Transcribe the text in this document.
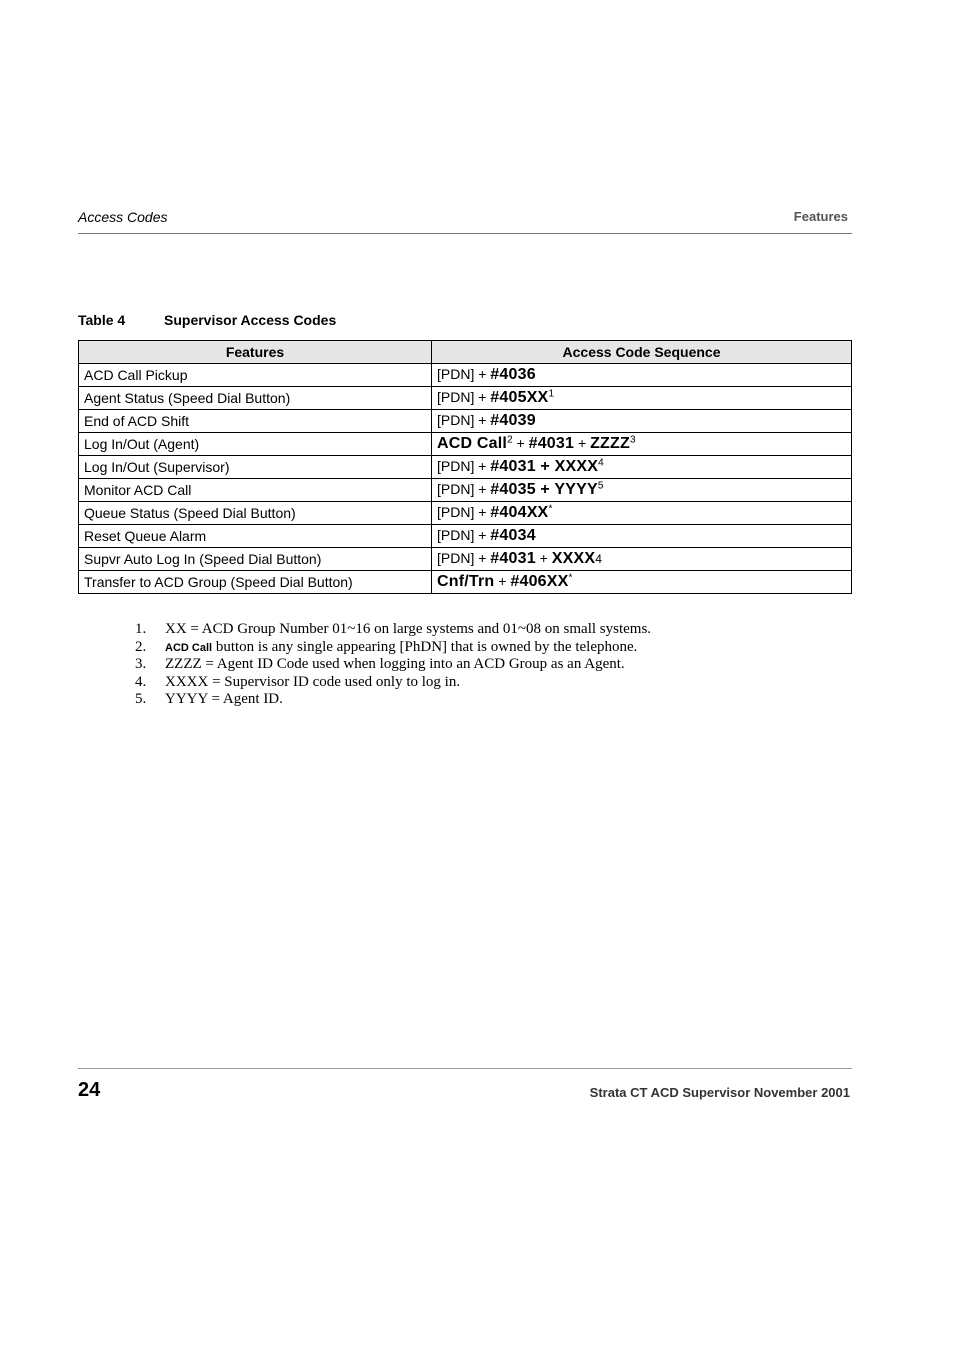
Access Codes	Features
Table 4	Supervisor Access Codes
Features	Access Code Sequence
ACD Call Pickup	[PDN] + #4036
Agent Status (Speed Dial Button)	$[PDN] + \#405XX^1$
End of ACD Shift	[PDN] + #4039
Log In/Out (Agent)	ACD Call$^2$ + #4031 + $ZZZZ^3$
Log In/Out (Supervisor)	[PDN] + #4031 + $XXXX^4$
Monitor ACD Call	[PDN] + #4035 + $YYYY^5$
Queue Status (Speed Dial Button)	[PDN] + #404XX*
Reset Queue Alarm	[PDN] + #4034
Supvr Auto Log In (Speed Dial Button)	[PDN] + #4031 + XXXX4
Transfer to ACD Group (Speed Dial Button)	Cnf/Trn + #406XX*
1. XX = ACD Group Number 01~16 on large systems and 01~08 on small systems.
2. ACD Call button is any single appearing [PhDN] that is owned by the telephone.
3. ZZZZ = Agent ID Code used when logging into an ACD Group as an Agent.
4. XXXX = Supervisor ID code used only to log in.
5. YYYY = Agent ID.
24	Strata CT ACD Supervisor November 2001
